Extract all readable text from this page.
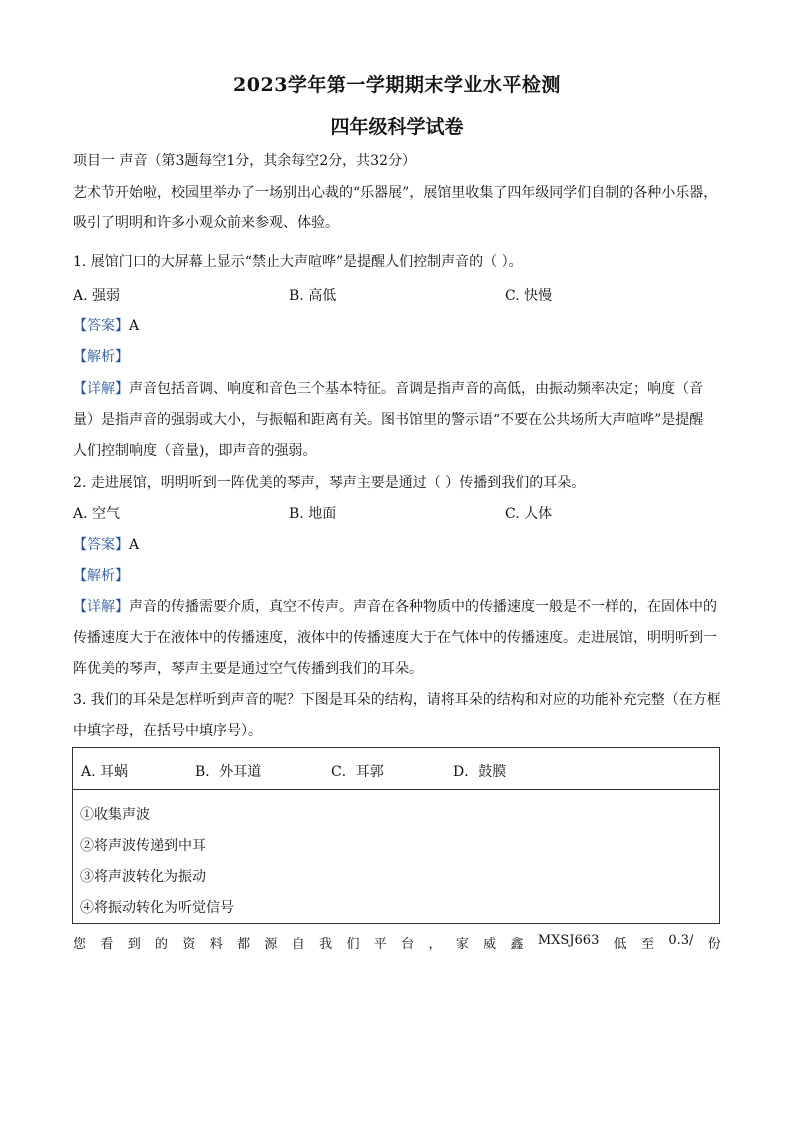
2023学年第一学期期末学业水平检测
四年级科学试卷
项目一 声音（第3题每空1分，其余每空2分，共32分）
艺术节开始啦，校园里举办了一场别出心裁的“乐器展”，展馆里收集了四年级同学们自制的各种小乐器，
吸引了明明和许多小观众前来参观、体验。
1. 展馆门口的大屏幕上显示“禁止大声喧哗”是提醒人们控制声音的（ ）。
A. 强弱	B. 高低	C. 快慢
【答案】A
【解析】
【详解】声音包括音调、响度和音色三个基本特征。音调是指声音的高低，由振动频率决定；响度（音
量）是指声音的强弱或大小，与振幅和距离有关。图书馆里的警示语“不要在公共场所大声喧哗”是提醒
人们控制响度（音量)，即声音的强弱。
2. 走进展馆，明明听到一阵优美的琴声，琴声主要是通过（ ）传播到我们的耳朵。
A. 空气	B. 地面	C. 人体
【答案】A
【解析】
【详解】声音的传播需要介质，真空不传声。声音在各种物质中的传播速度一般是不一样的，在固体中的
传播速度大于在液体中的传播速度，液体中的传播速度大于在气体中的传播速度。走进展馆，明明听到一
阵优美的琴声，琴声主要是通过空气传播到我们的耳朵。
3. 我们的耳朵是怎样听到声音的呢？下图是耳朵的结构，请将耳朵的结构和对应的功能补充完整（在方框
中填字母，在括号中填序号）。
A. 耳蜗	B．外耳道	C．耳郭	D．鼓膜
①收集声波
②将声波传递到中耳
③将声波转化为振动
④将振动转化为听觉信号
您 看 到 的 资 料 都 源 自 我 们 平 台 ， 家 威 鑫 MXSJ663 低 至 0.3/ 份
